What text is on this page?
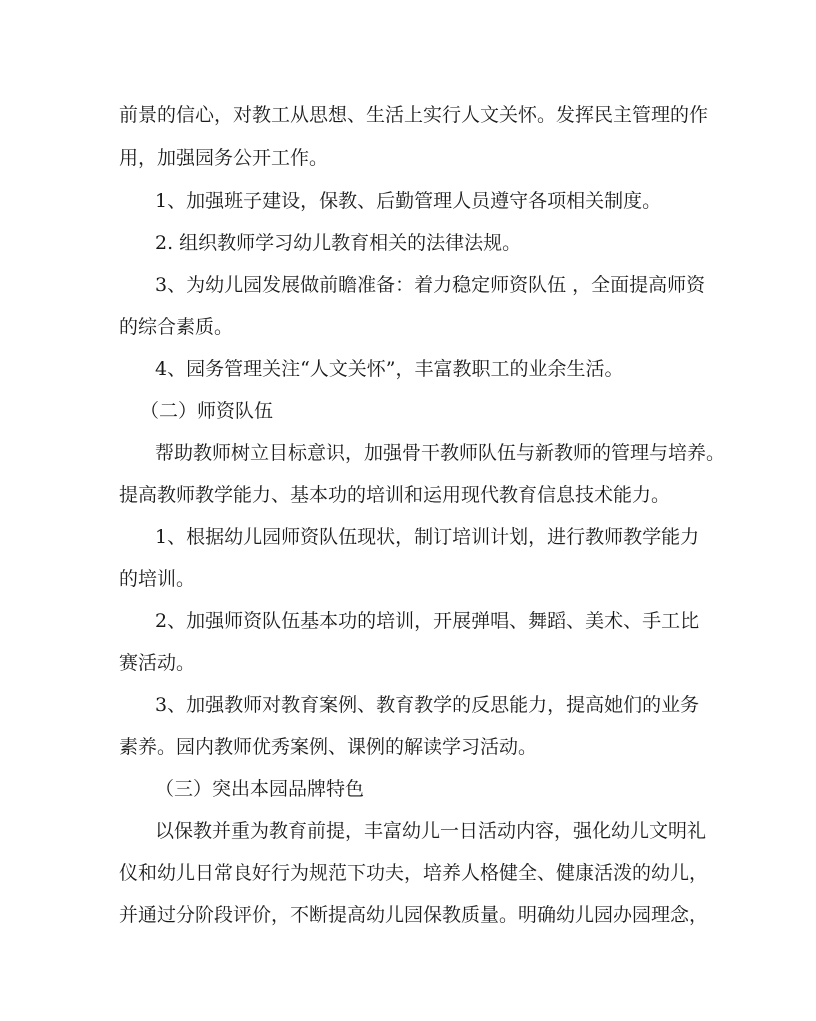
前景的信心，对教工从思想、生活上实行人文关怀。发挥民主管理的作
用，加强园务公开工作。
1、加强班子建设，保教、后勤管理人员遵守各项相关制度。
2. 组织教师学习幼儿教育相关的法律法规。
3、为幼儿园发展做前瞻准备：着力稳定师资队伍 ，全面提高师资
的综合素质。
4、园务管理关注“人文关怀”，丰富教职工的业余生活。
（二）师资队伍
帮助教师树立目标意识，加强骨干教师队伍与新教师的管理与培养。
提高教师教学能力、基本功的培训和运用现代教育信息技术能力。
1、根据幼儿园师资队伍现状，制订培训计划，进行教师教学能力
的培训。
2、加强师资队伍基本功的培训，开展弹唱、舞蹈、美术、手工比
赛活动。
3、加强教师对教育案例、教育教学的反思能力，提高她们的业务
素养。园内教师优秀案例、课例的解读学习活动。
（三）突出本园品牌特色
以保教并重为教育前提，丰富幼儿一日活动内容，强化幼儿文明礼
仪和幼儿日常良好行为规范下功夫，培养人格健全、健康活泼的幼儿，
并通过分阶段评价，不断提高幼儿园保教质量。明确幼儿园办园理念，
